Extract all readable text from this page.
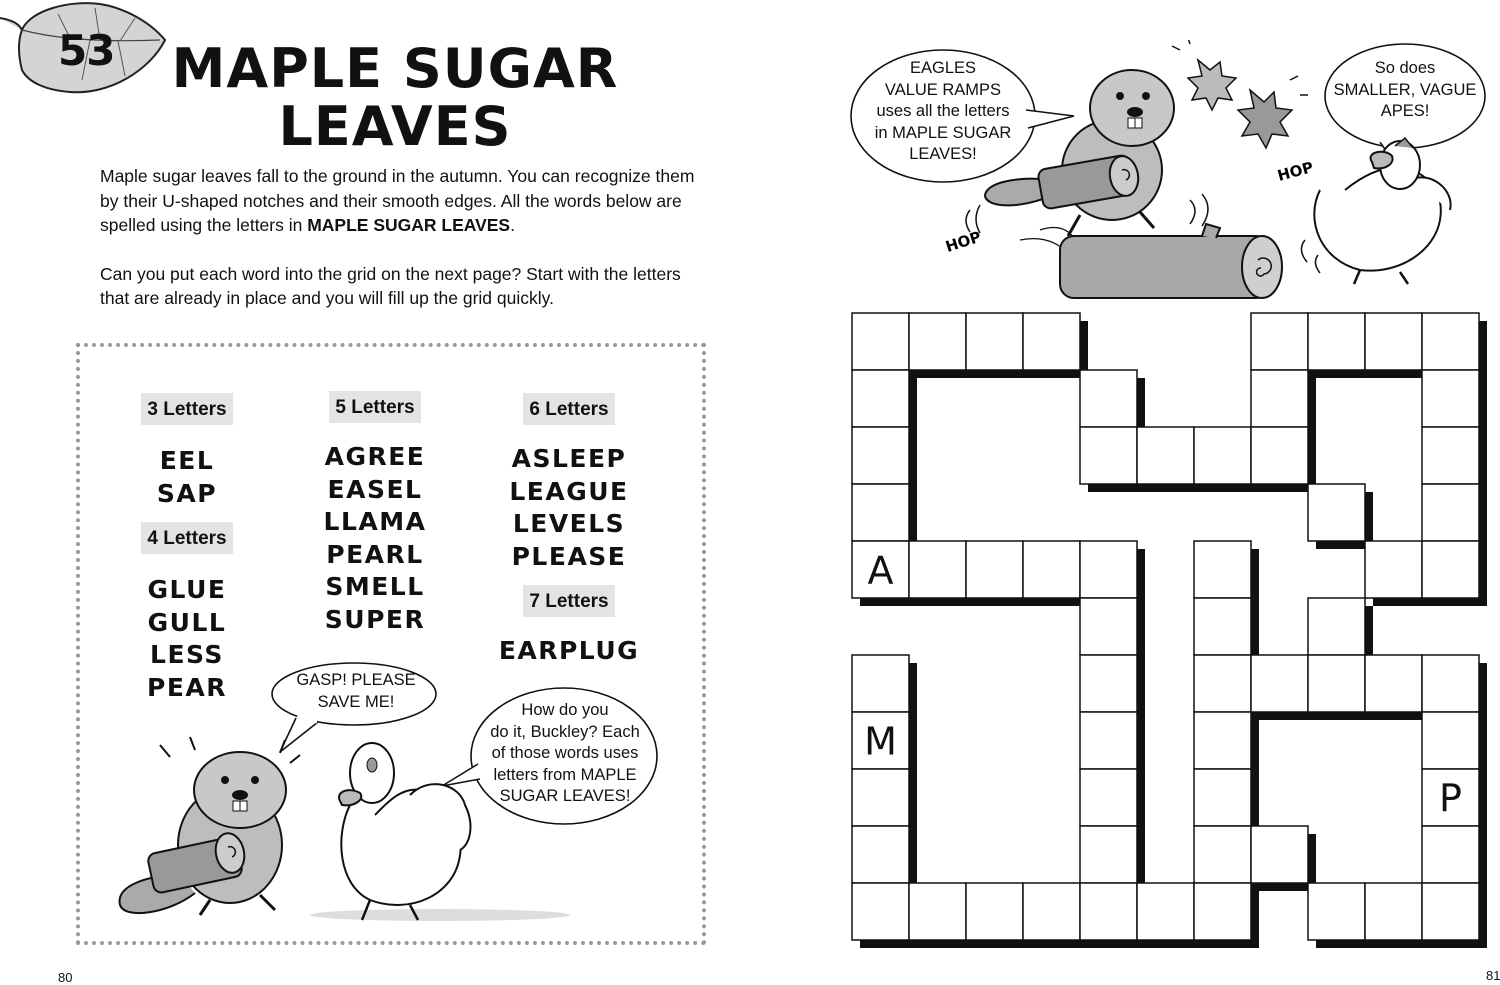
53 MAPLE SUGAR
LEAVES

Maple sugar leaves fall to the ground in the autumn. You can recognize them by their U-shaped notches and their smooth edges. All the words below are spelled using the letters in MAPLE SUGAR LEAVES.

Can you put each word into the grid on the next page? Start with the letters that are already in place and you will fill up the grid quickly.

3 Letters
EEL
SAP
4 Letters
GLUE
GULL
LESS
PEAR
5 Letters
AGREE
EASEL
LLAMA
PEARL
SMELL
SUPER
6 Letters
ASLEEP
LEAGUE
LEVELS
PLEASE
7 Letters
EARPLUG
GASP! PLEASE
SAVE ME!	How do you
do it, Buckley? Each
of those words uses
letters from MAPLE
SUGAR LEAVES!
EAGLES
VALUE RAMPS
uses all the letters
in MAPLE SUGAR
LEAVES!
So does
SMALLER, VAGUE
APES!
HOP
HOP
A
M
P
80	81
